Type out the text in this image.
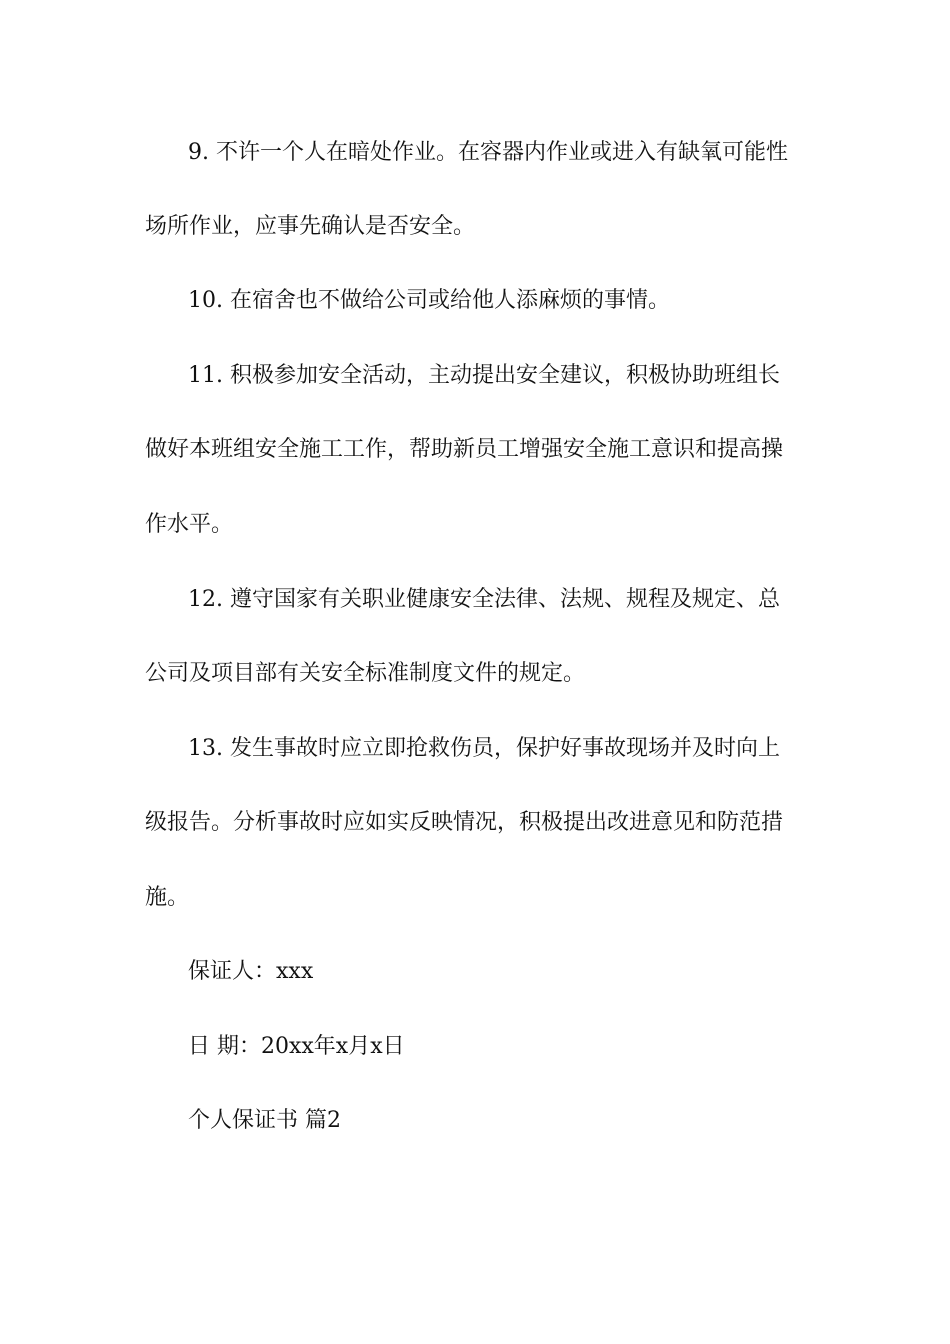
9. 不许一个人在暗处作业。在容器内作业或进入有缺氧可能性
场所作业，应事先确认是否安全。
10. 在宿舍也不做给公司或给他人添麻烦的事情。
11. 积极参加安全活动，主动提出安全建议，积极协助班组长
做好本班组安全施工工作，帮助新员工增强安全施工意识和提高操
作水平。
12. 遵守国家有关职业健康安全法律、法规、规程及规定、总
公司及项目部有关安全标准制度文件的规定。
13. 发生事故时应立即抢救伤员，保护好事故现场并及时向上
级报告。分析事故时应如实反映情况，积极提出改进意见和防范措
施。
保证人：xxx
日 期：20xx年x月x日
个人保证书 篇2
